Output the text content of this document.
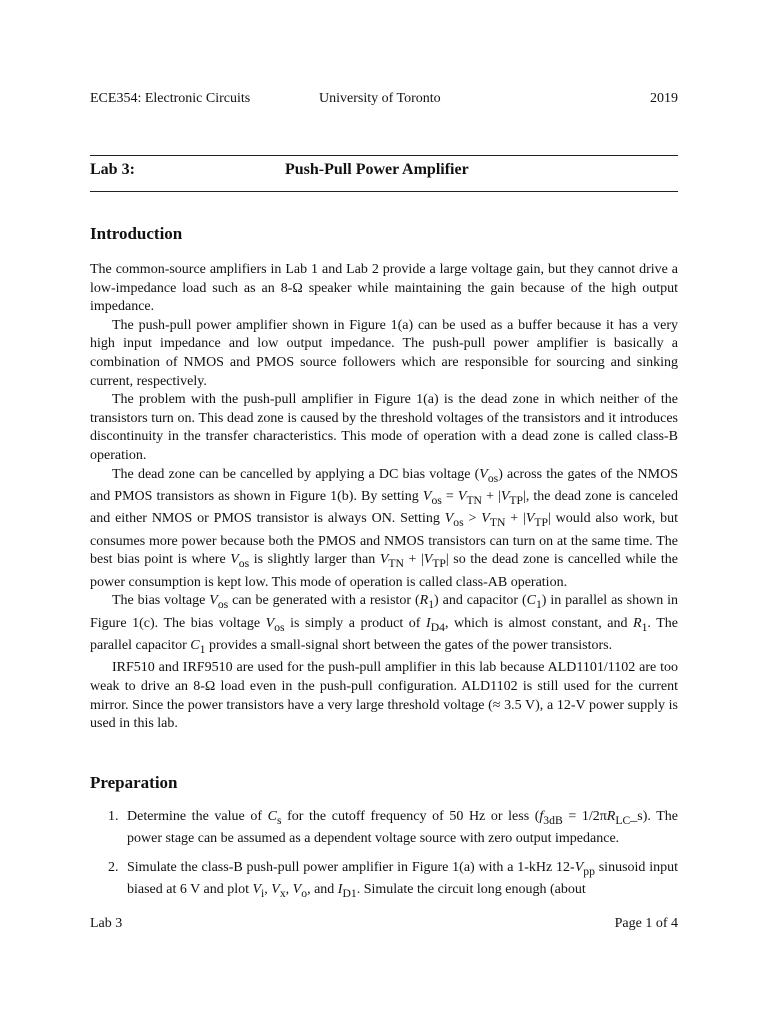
ECE354: Electronic Circuits	University of Toronto	2019
Lab 3:	Push-Pull Power Amplifier
Introduction

The common-source amplifiers in Lab 1 and Lab 2 provide a large voltage gain, but they cannot drive a low-impedance load such as an 8-Ω speaker while maintaining the gain because of the high output impedance.

The push-pull power amplifier shown in Figure 1(a) can be used as a buffer because it has a very high input impedance and low output impedance. The push-pull power amplifier is basically a combination of NMOS and PMOS source followers which are responsible for sourcing and sinking current, respectively.

The problem with the push-pull amplifier in Figure 1(a) is the dead zone in which neither of the transistors turn on. This dead zone is caused by the threshold voltages of the transistors and it introduces discontinuity in the transfer characteristics. This mode of operation with a dead zone is called class-B operation.

The dead zone can be cancelled by applying a DC bias voltage $(V_{os})$ across the gates of the NMOS and PMOS transistors as shown in Figure 1(b). By setting $V_{os} = V_{TN} + |V_{TP}|$, the dead zone is canceled and either NMOS or PMOS transistor is always ON. Setting $V_{os} > V_{TN} + |V_{TP}|$ would also work, but consumes more power because both the PMOS and NMOS transistors can turn on at the same time. The best bias point is where $V_{os}$ is slightly larger than $V_{TN} + |V_{TP}|$ so the dead zone is cancelled while the power consumption is kept low. This mode of operation is called class-AB operation.

The bias voltage $V_{os}$ can be generated with a resistor $(R_1)$ and capacitor $(C_1)$ in parallel as shown in Figure 1(c). The bias voltage $V_{os}$ is simply a product of $I_{D4}$, which is almost constant, and $R_1$. The parallel capacitor $C_1$ provides a small-signal short between the gates of the power transistors.

IRF510 and IRF9510 are used for the push-pull amplifier in this lab because ALD1101/1102 are too weak to drive an 8-Ω load even in the push-pull configuration. ALD1102 is still used for the current mirror. Since the power transistors have a very large threshold voltage (≈ 3.5 V), a 12-V power supply is used in this lab.

Preparation
1. Determine the value of $C_s$ for the cutoff frequency of 50 Hz or less ($f_{3dB}$ = $1/2\pi R_{LC}\_s$). The power stage can be assumed as a dependent voltage source with zero output impedance.
2. Simulate the class-B push-pull power amplifier in Figure 1(a) with a 1-kHz $12-V_{pp}$ sinusoid input biased at 6 V and plot $V_i$, $V_x$, $V_o$, and $I_{D1}$. Simulate the circuit long enough (about
Lab 3	Page 1 of 4
